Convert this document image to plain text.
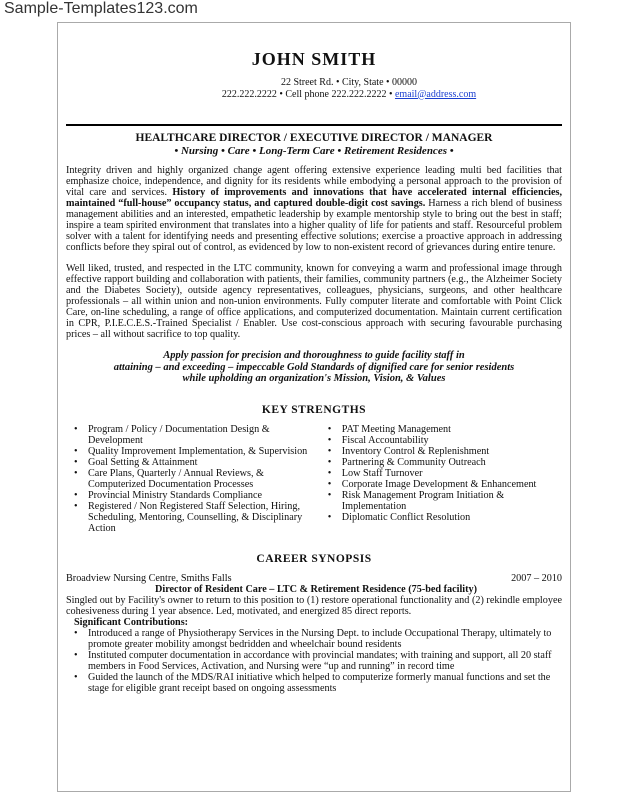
Sample-Templates123.com
JOHN SMITH
22 Street Rd. • City, State • 00000
222.222.2222 • Cell phone 222.222.2222 • email@address.com
HEALTHCARE DIRECTOR / EXECUTIVE DIRECTOR / MANAGER
• Nursing • Care • Long-Term Care • Retirement Residences •

Integrity driven and highly organized change agent offering extensive experience leading multi bed facilities that emphasize choice, independence, and dignity for its residents while embodying a personal approach to the provision of vital care and services. History of improvements and innovations that have accelerated internal efficiencies, maintained “full-house” occupancy status, and captured double-digit cost savings. Harness a rich blend of business management abilities and an interested, empathetic leadership by example mentorship style to bring out the best in staff; inspire a team spirited environment that translates into a higher quality of life for patients and staff. Resourceful problem solver with a talent for identifying needs and presenting effective solutions; exercise a proactive approach in addressing conflicts before they spiral out of control, as evidenced by low to non-existent record of grievances during entire tenure.

Well liked, trusted, and respected in the LTC community, known for conveying a warm and professional image through effective rapport building and collaboration with patients, their families, community partners (e.g., the Alzheimer Society and the Diabetes Society), outside agency representatives, colleagues, physicians, surgeons, and other healthcare professionals – all within union and non-union environments. Fully computer literate and comfortable with Point Click Care, on-line scheduling, a range of office applications, and computerized documentation. Maintain current certification in CPR, P.I.E.C.E.S.-Trained Specialist / Enabler. Use cost-conscious approach with securing favourable purchasing prices – all without sacrifice to top quality.

Apply passion for precision and thoroughness to guide facility staff in
attaining – and exceeding – impeccable Gold Standards of dignified care for senior residents
while upholding an organization's Mission, Vision, & Values
KEY STRENGTHS
• Program / Policy / Documentation Design & Development
• Quality Improvement Implementation, & Supervision
• Goal Setting & Attainment
• Care Plans, Quarterly / Annual Reviews, & Computerized Documentation Processes
• Provincial Ministry Standards Compliance
• Registered / Non Registered Staff Selection, Hiring, Scheduling, Mentoring, Counselling, & Disciplinary Action
• PAT Meeting Management
• Fiscal Accountability
• Inventory Control & Replenishment
• Partnering & Community Outreach
• Low Staff Turnover
• Corporate Image Development & Enhancement
• Risk Management Program Initiation & Implementation
• Diplomatic Conflict Resolution
CAREER SYNOPSIS
Broadview Nursing Centre, Smiths Falls	2007 – 2010
Director of Resident Care – LTC & Retirement Residence (75-bed facility)

Singled out by Facility's owner to return to this position to (1) restore operational functionality and (2) rekindle employee cohesiveness during 1 year absence. Led, motivated, and energized 85 direct reports.

Significant Contributions:
• Introduced a range of Physiotherapy Services in the Nursing Dept. to include Occupational Therapy, ultimately to promote greater mobility amongst bedridden and wheelchair bound residents
• Instituted computer documentation in accordance with provincial mandates; with training and support, all 20 staff members in Food Services, Activation, and Nursing were “up and running” in record time
• Guided the launch of the MDS/RAI initiative which helped to computerize formerly manual functions and set the stage for eligible grant receipt based on ongoing assessments
